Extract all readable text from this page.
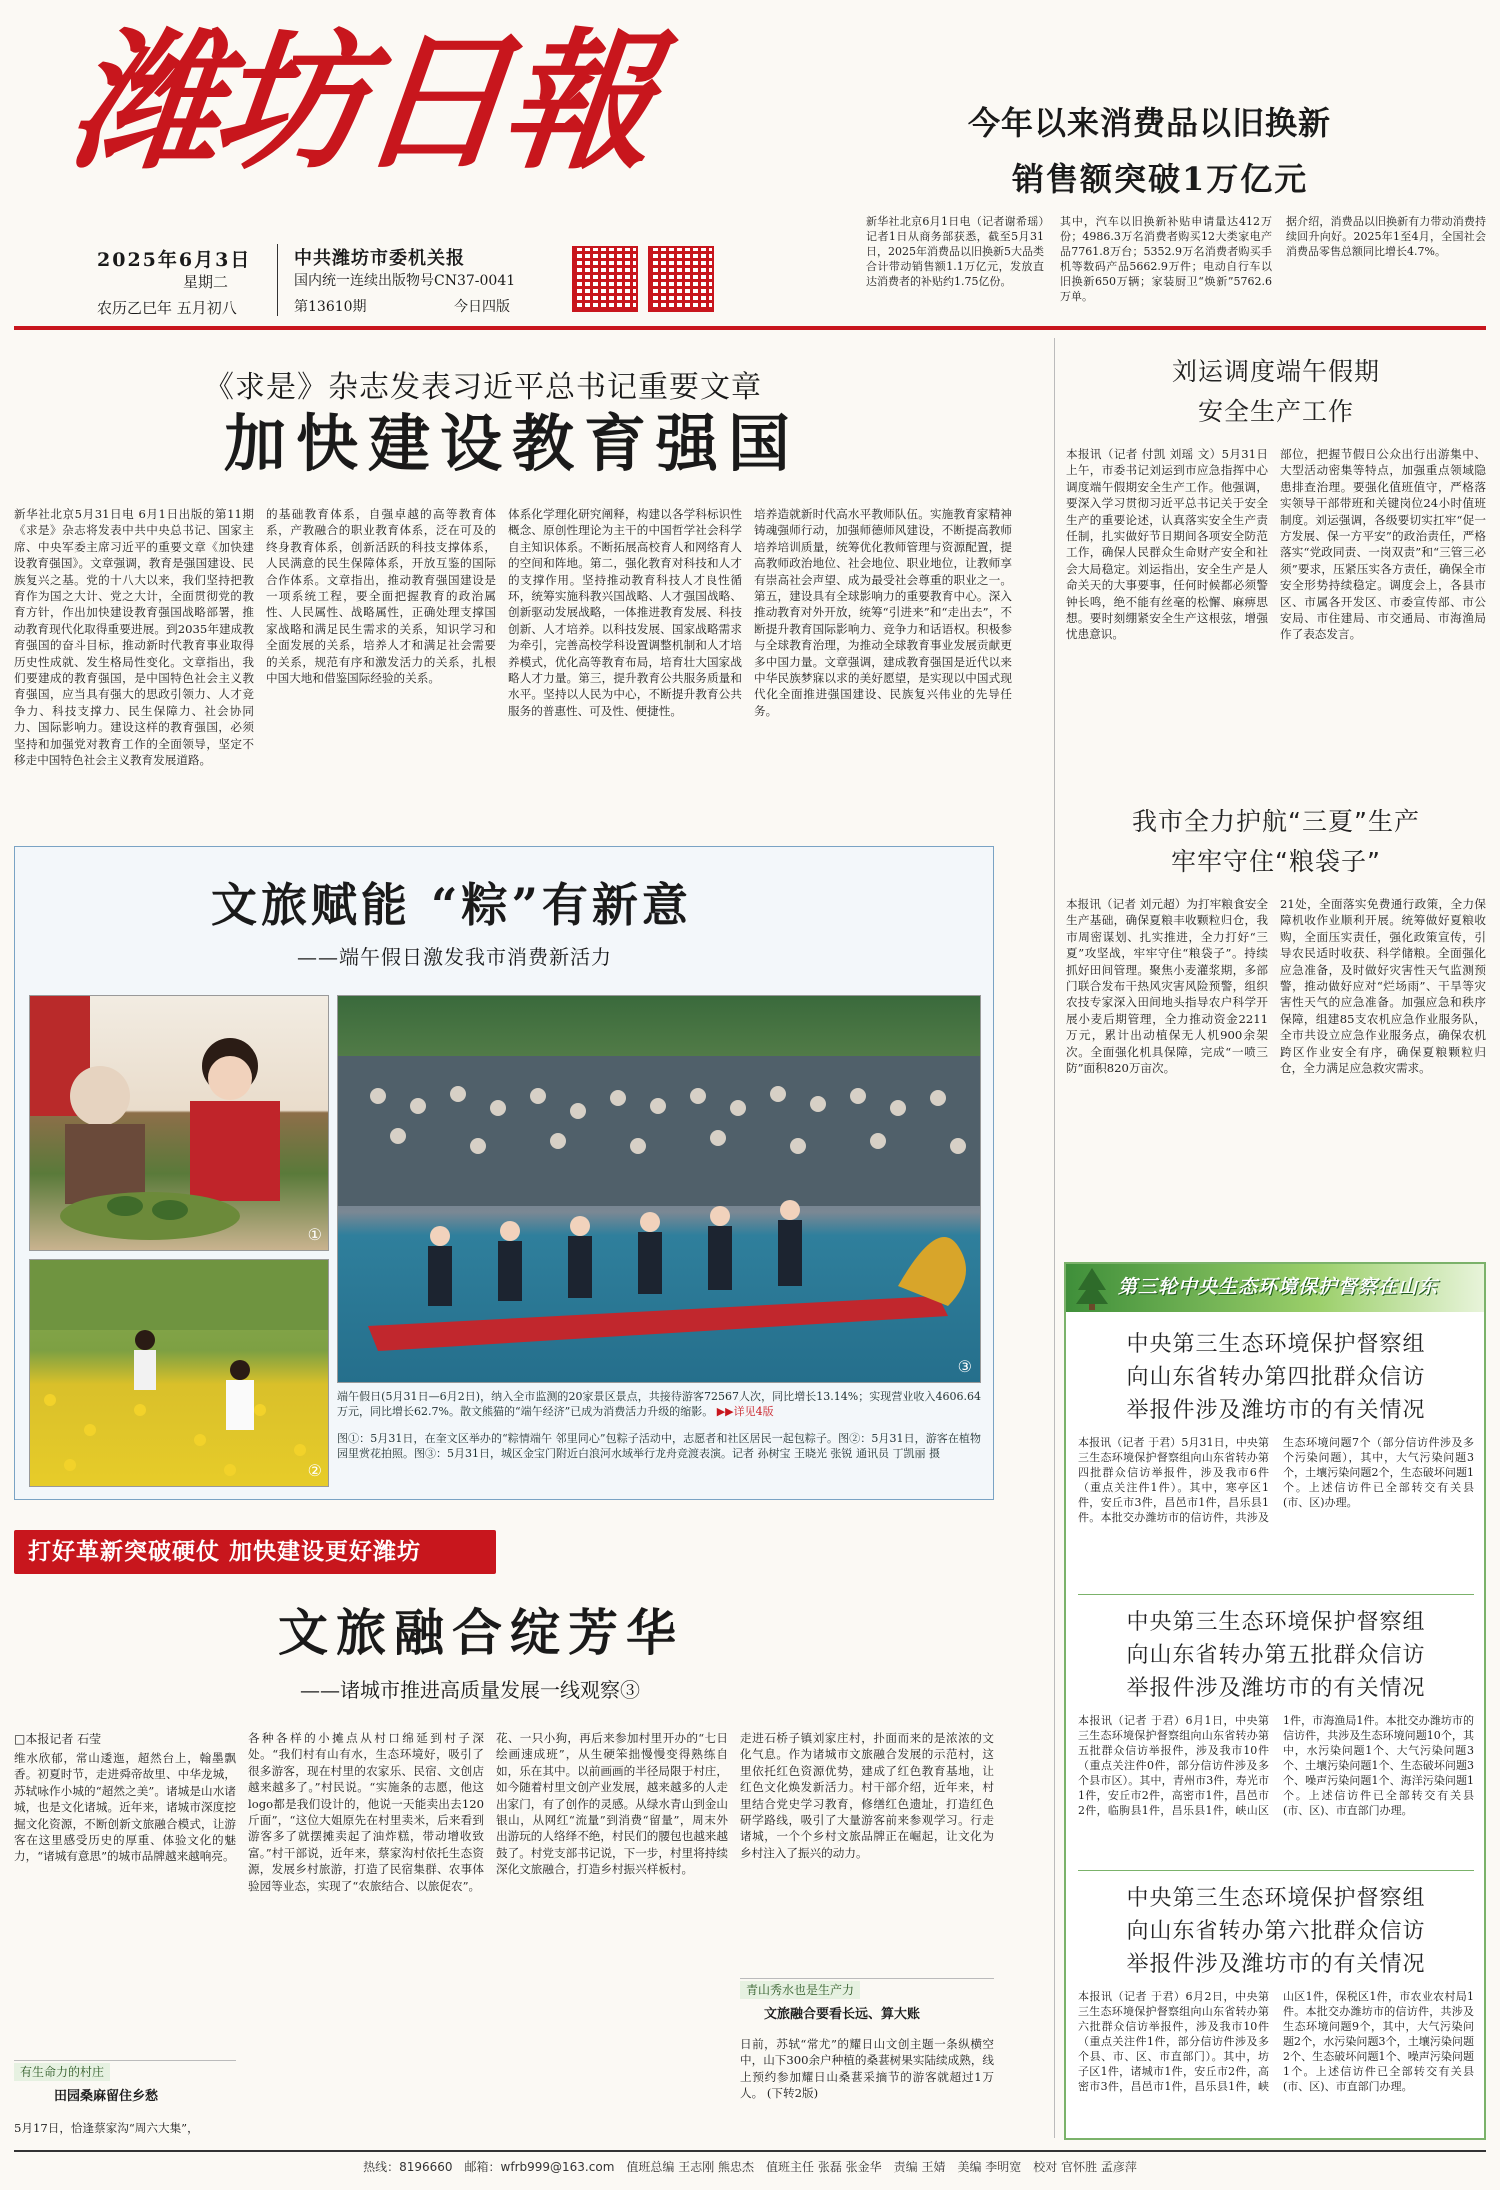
潍坊日報
2025年6月3日
星期二
农历乙巳年 五月初八
中共潍坊市委机关报
国内统一连续出版物号CN37-0041
第13610期	今日四版
今年以来消费品以旧换新
销售额突破1万亿元
新华社北京6月1日电（记者谢希瑶）记者1日从商务部获悉，截至5月31日，2025年消费品以旧换新5大品类合计带动销售额1.1万亿元，发放直达消费者的补贴约1.75亿份。
其中，汽车以旧换新补贴申请量达412万份；4986.3万名消费者购买12大类家电产品7761.8万台；5352.9万名消费者购买手机等数码产品5662.9万件；电动自行车以旧换新650万辆；家装厨卫“焕新”5762.6万单。
据介绍，消费品以旧换新有力带动消费持续回升向好。2025年1至4月，全国社会消费品零售总额同比增长4.7%。
《求是》杂志发表习近平总书记重要文章
加快建设教育强国
新华社北京5月31日电 6月1日出版的第11期《求是》杂志将发表中共中央总书记、国家主席、中央军委主席习近平的重要文章《加快建设教育强国》。文章强调，教育是强国建设、民族复兴之基。党的十八大以来，我们坚持把教育作为国之大计、党之大计，全面贯彻党的教育方针，作出加快建设教育强国战略部署，推动教育现代化取得重要进展。到2035年建成教育强国的奋斗目标，推动新时代教育事业取得历史性成就、发生格局性变化。文章指出，我们要建成的教育强国，是中国特色社会主义教育强国，应当具有强大的思政引领力、人才竞争力、科技支撑力、民生保障力、社会协同力、国际影响力。建设这样的教育强国，必须坚持和加强党对教育工作的全面领导，坚定不移走中国特色社会主义教育发展道路。
的基础教育体系，自强卓越的高等教育体系，产教融合的职业教育体系，泛在可及的终身教育体系，创新活跃的科技支撑体系，人民满意的民生保障体系，开放互鉴的国际合作体系。文章指出，推动教育强国建设是一项系统工程，要全面把握教育的政治属性、人民属性、战略属性，正确处理支撑国家战略和满足民生需求的关系，知识学习和全面发展的关系，培养人才和满足社会需要的关系，规范有序和激发活力的关系，扎根中国大地和借鉴国际经验的关系。
体系化学理化研究阐释，构建以各学科标识性概念、原创性理论为主干的中国哲学社会科学自主知识体系。不断拓展高校育人和网络育人的空间和阵地。第二，强化教育对科技和人才的支撑作用。坚持推动教育科技人才良性循环，统筹实施科教兴国战略、人才强国战略、创新驱动发展战略，一体推进教育发展、科技创新、人才培养。以科技发展、国家战略需求为牵引，完善高校学科设置调整机制和人才培养模式，优化高等教育布局，培育壮大国家战略人才力量。第三，提升教育公共服务质量和水平。坚持以人民为中心，不断提升教育公共服务的普惠性、可及性、便捷性。
培养造就新时代高水平教师队伍。实施教育家精神铸魂强师行动，加强师德师风建设，不断提高教师培养培训质量，统筹优化教师管理与资源配置，提高教师政治地位、社会地位、职业地位，让教师享有崇高社会声望、成为最受社会尊重的职业之一。第五，建设具有全球影响力的重要教育中心。深入推动教育对外开放，统筹“引进来”和“走出去”，不断提升教育国际影响力、竞争力和话语权。积极参与全球教育治理，为推动全球教育事业发展贡献更多中国力量。文章强调，建成教育强国是近代以来中华民族梦寐以求的美好愿望，是实现以中国式现代化全面推进强国建设、民族复兴伟业的先导任务。
文旅赋能 “粽”有新意
——端午假日激发我市消费新活力
①
②
③
端午假日(5月31日—6月2日)，纳入全市监测的20家景区景点，共接待游客72567人次，同比增长13.14%；实现营业收入4606.64万元，同比增长62.7%。散文熊猫的“端午经济”已成为消费活力升级的缩影。 ▶▶详见4版
图①：5月31日，在奎文区举办的“粽情端午 邻里同心”包粽子活动中，志愿者和社区居民一起包粽子。图②：5月31日，游客在植物园里赏花拍照。图③：5月31日，城区金宝门附近白浪河水域举行龙舟竞渡表演。记者 孙树宝 王晓光 张锐 通讯员 丁凯丽 摄
打好革新突破硬仗 加快建设更好潍坊
文旅融合绽芳华
——诸城市推进高质量发展一线观察③
□本报记者 石莹
维水欣郁，常山逶迤，超然台上，翰墨飘香。初夏时节，走进舜帝故里、中华龙城，苏轼咏作小城的“超然之美”。诸城是山水诸城，也是文化诸城。近年来，诸城市深度挖掘文化资源，不断创新文旅融合模式，让游客在这里感受历史的厚重、体验文化的魅力，“诸城有意思”的城市品牌越来越响亮。
有生命力的村庄
田园桑麻留住乡愁
5月17日，恰逢蔡家沟“周六大集”，
各种各样的小摊点从村口绵延到村子深处。“我们村有山有水，生态环境好，吸引了很多游客，现在村里的农家乐、民宿、文创店越来越多了。”村民说。“实施条的志愿，他这logo都是我们设计的，他说一天能卖出去120斤面”，“这位大姐原先在村里卖米，后来看到游客多了就摆摊卖起了油炸糕，带动增收致富。”村干部说，近年来，蔡家沟村依托生态资源，发展乡村旅游，打造了民宿集群、农事体验园等业态，实现了“农旅结合、以旅促农”。
花、一只小狗，再后来参加村里开办的“七日绘画速成班”，从生硬笨拙慢慢变得熟练自如，乐在其中。以前画画的半径局限于村庄，如今随着村里文创产业发展，越来越多的人走出家门，有了创作的灵感。从绿水青山到金山银山，从网红“流量”到消费“留量”，周末外出游玩的人络绎不绝，村民们的腰包也越来越鼓了。村党支部书记说，下一步，村里将持续深化文旅融合，打造乡村振兴样板村。
走进石桥子镇刘家庄村，扑面而来的是浓浓的文化气息。作为诸城市文旅融合发展的示范村，这里依托红色资源优势，建成了红色教育基地，让红色文化焕发新活力。村干部介绍，近年来，村里结合党史学习教育，修缮红色遗址，打造红色研学路线，吸引了大量游客前来参观学习。行走诸城，一个个乡村文旅品牌正在崛起，让文化为乡村注入了振兴的动力。
青山秀水也是生产力
文旅融合要看长远、算大账
日前，苏轼“常尤”的耀日山文创主题一条纵横空中，山下300余户种植的桑葚树果实陆续成熟，线上预约参加耀日山桑葚采摘节的游客就超过1万人。 (下转2版)
刘运调度端午假期
安全生产工作
本报讯（记者 付凯 刘瑶 文）5月31日上午，市委书记刘运到市应急指挥中心调度端午假期安全生产工作。他强调，要深入学习贯彻习近平总书记关于安全生产的重要论述，认真落实安全生产责任制，扎实做好节日期间各项安全防范工作，确保人民群众生命财产安全和社会大局稳定。刘运指出，安全生产是人命关天的大事要事，任何时候都必须警钟长鸣，绝不能有丝毫的松懈、麻痹思想。要时刻绷紧安全生产这根弦，增强忧患意识。
部位，把握节假日公众出行出游集中、大型活动密集等特点，加强重点领域隐患排查治理。要强化值班值守，严格落实领导干部带班和关键岗位24小时值班制度。刘运强调，各级要切实扛牢“促一方发展、保一方平安”的政治责任，严格落实“党政同责、一岗双责”和“三管三必须”要求，压紧压实各方责任，确保全市安全形势持续稳定。调度会上，各县市区、市属各开发区、市委宣传部、市公安局、市住建局、市交通局、市海渔局作了表态发言。
我市全力护航“三夏”生产
牢牢守住“粮袋子”
本报讯（记者 刘元超）为打牢粮食安全生产基础，确保夏粮丰收颗粒归仓，我市周密谋划、扎实推进，全力打好“三夏”攻坚战，牢牢守住“粮袋子”。持续抓好田间管理。聚焦小麦灌浆期，多部门联合发布干热风灾害风险预警，组织农技专家深入田间地头指导农户科学开展小麦后期管理，全力推动资金2211万元，累计出动植保无人机900余架次。全面强化机具保障，完成“一喷三防”面积820万亩次。
21处，全面落实免费通行政策，全力保障机收作业顺利开展。统筹做好夏粮收购，全面压实责任，强化政策宣传，引导农民适时收获、科学储粮。全面强化应急准备，及时做好灾害性天气监测预警，推动做好应对“烂场雨”、干旱等灾害性天气的应急准备。加强应急和秩序保障，组建85支农机应急作业服务队，全市共设立应急作业服务点，确保农机跨区作业安全有序，确保夏粮颗粒归仓，全力满足应急救灾需求。
第三轮中央生态环境保护督察在山东
中央第三生态环境保护督察组
向山东省转办第四批群众信访
举报件涉及潍坊市的有关情况
本报讯（记者 于君）5月31日，中央第三生态环境保护督察组向山东省转办第四批群众信访举报件，涉及我市6件（重点关注件1件）。其中，寒亭区1件，安丘市3件，昌邑市1件，昌乐县1件。本批交办潍坊市的信访件，共涉及生态环境问题7个（部分信访件涉及多个污染问题），其中，大气污染问题3个，土壤污染问题2个，生态破坏问题1个。上述信访件已全部转交有关县(市、区)办理。
中央第三生态环境保护督察组
向山东省转办第五批群众信访
举报件涉及潍坊市的有关情况
本报讯（记者 于君）6月1日，中央第三生态环境保护督察组向山东省转办第五批群众信访举报件，涉及我市10件（重点关注件0件，部分信访件涉及多个县市区）。其中，青州市3件，寿光市1件，安丘市2件，高密市1件，昌邑市2件，临朐县1件，昌乐县1件，峡山区1件，市海渔局1件。本批交办潍坊市的信访件，共涉及生态环境问题10个，其中，水污染问题1个、大气污染问题3个、土壤污染问题1个、生态破坏问题3个、噪声污染问题1个、海洋污染问题1个。上述信访件已全部转交有关县(市、区)、市直部门办理。
中央第三生态环境保护督察组
向山东省转办第六批群众信访
举报件涉及潍坊市的有关情况
本报讯（记者 于君）6月2日，中央第三生态环境保护督察组向山东省转办第六批群众信访举报件，涉及我市10件（重点关注件1件，部分信访件涉及多个县、市、区、市直部门）。其中，坊子区1件，诸城市1件，安丘市2件，高密市3件，昌邑市1件，昌乐县1件，峡山区1件，保税区1件，市农业农村局1件。本批交办潍坊市的信访件，共涉及生态环境问题9个，其中，大气污染问题2个，水污染问题3个，土壤污染问题2个、生态破坏问题1个、噪声污染问题1个。上述信访件已全部转交有关县(市、区)、市直部门办理。
热线：8196660　邮箱：wfrb999@163.com　值班总编 王志刚 熊忠杰　值班主任 张磊 张金华　责编 王婧　美编 李明宽　校对 官怀胜 孟彦萍
